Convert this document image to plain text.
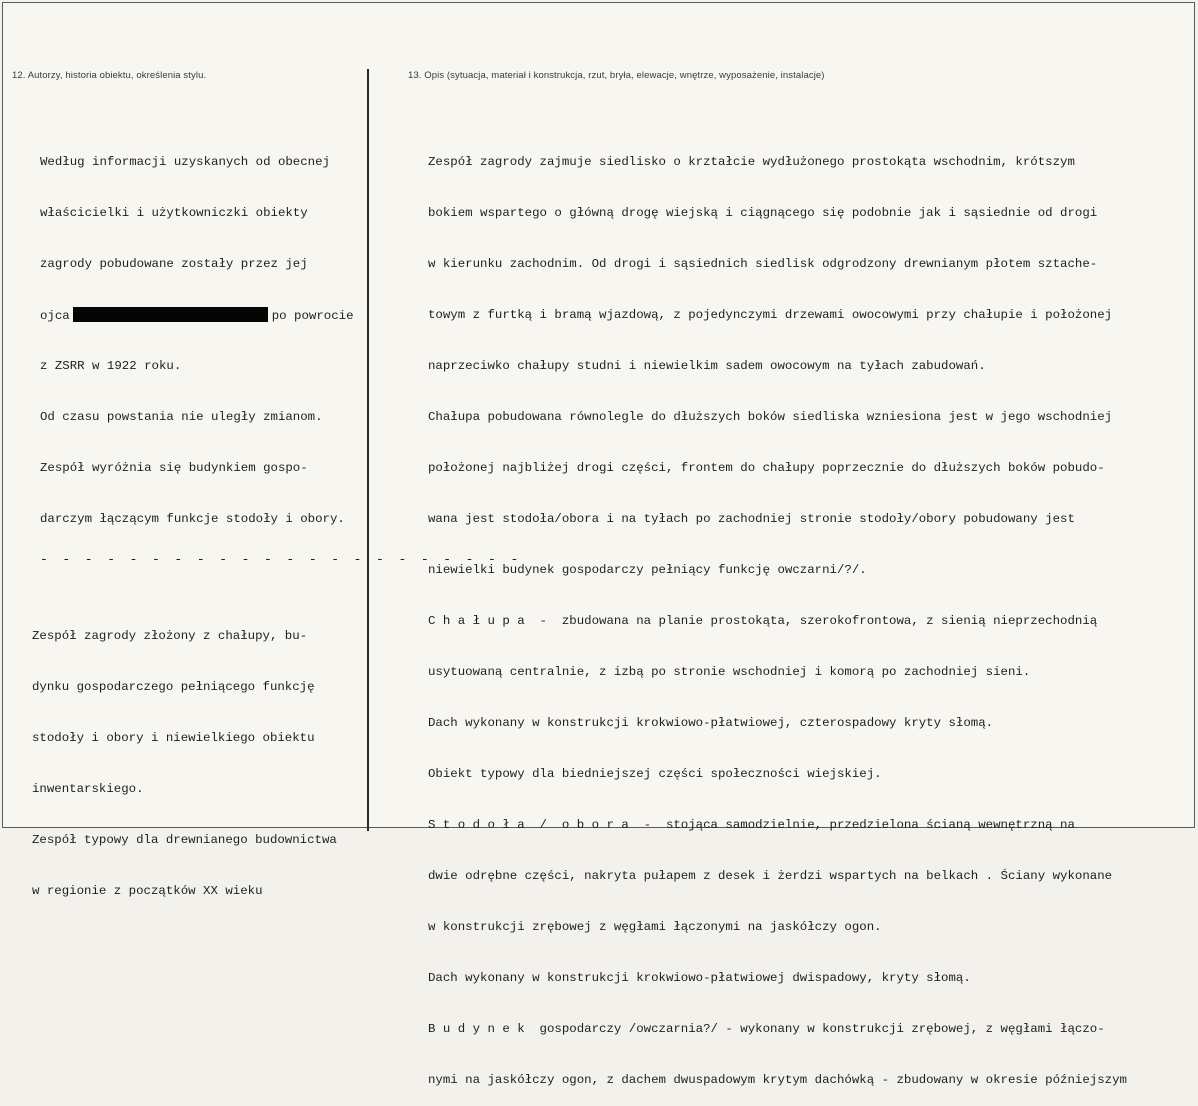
12. Autorzy, historia obiektu, określenia stylu.	13. Opis (sytuacja, materiał i konstrukcja, rzut, bryła, elewacje, wnętrze, wyposażenie, instalacje)

Według informacji uzyskanych od obecnej

właścicielki i użytkowniczki obiekty

zagrody pobudowane zostały przez jej

ojca	po powrocie

z ZSRR w 1922 roku.

Od czasu powstania nie uległy zmianom.

Zespół wyróżnia się budynkiem gospo-

darczym łączącym funkcje stodoły i obory.

- - - - - - - - - - - - - - - - - - - - - -

Zespół zagrody złożony z chałupy, bu-

dynku gospodarczego pełniącego funkcję

stodoły i obory i niewielkiego obiektu

inwentarskiego.

Zespół typowy dla drewnianego budownictwa

w regionie z początków XX wieku

Zespół zagrody zajmuje siedlisko o krztałcie wydłużonego prostokąta wschodnim, krótszym

bokiem wspartego o główną drogę wiejską i ciągnącego się podobnie jak i sąsiednie od drogi

w kierunku zachodnim. Od drogi i sąsiednich siedlisk odgrodzony drewnianym płotem sztache-

towym z furtką i bramą wjazdową, z pojedynczymi drzewami owocowymi przy chałupie i położonej

naprzeciwko chałupy studni i niewielkim sadem owocowym na tyłach zabudowań.

Chałupa pobudowana równolegle do dłuższych boków siedliska wzniesiona jest w jego wschodniej

położonej najbliżej drogi części, frontem do chałupy poprzecznie do dłuższych boków pobudo-

wana jest stodoła/obora i na tyłach po zachodniej stronie stodoły/obory pobudowany jest

niewielki budynek gospodarczy pełniący funkcję owczarni/?/.

C h a ł u p a  -  zbudowana na planie prostokąta, szerokofrontowa, z sienią nieprzechodnią

usytuowaną centralnie, z izbą po stronie wschodniej i komorą po zachodniej sieni.

Dach wykonany w konstrukcji krokwiowo-płatwiowej, czterospadowy kryty słomą.

Obiekt typowy dla biedniejszej części społeczności wiejskiej.

S t o d o ł a  /  o b o r a  -  stojąca samodzielnie, przedzielona ścianą wewnętrzną na

dwie odrębne części, nakryta pułapem z desek i żerdzi wspartych na belkach . Ściany wykonane

w konstrukcji zrębowej z węgłami łączonymi na jaskółczy ogon.

Dach wykonany w konstrukcji krokwiowo-płatwiowej dwispadowy, kryty słomą.

B u d y n e k  gospodarczy /owczarnia?/ - wykonany w konstrukcji zrębowej, z węgłami łączo-

nymi na jaskółczy ogon, z dachem dwuspadowym krytym dachówką - zbudowany w okresie późniejszym
